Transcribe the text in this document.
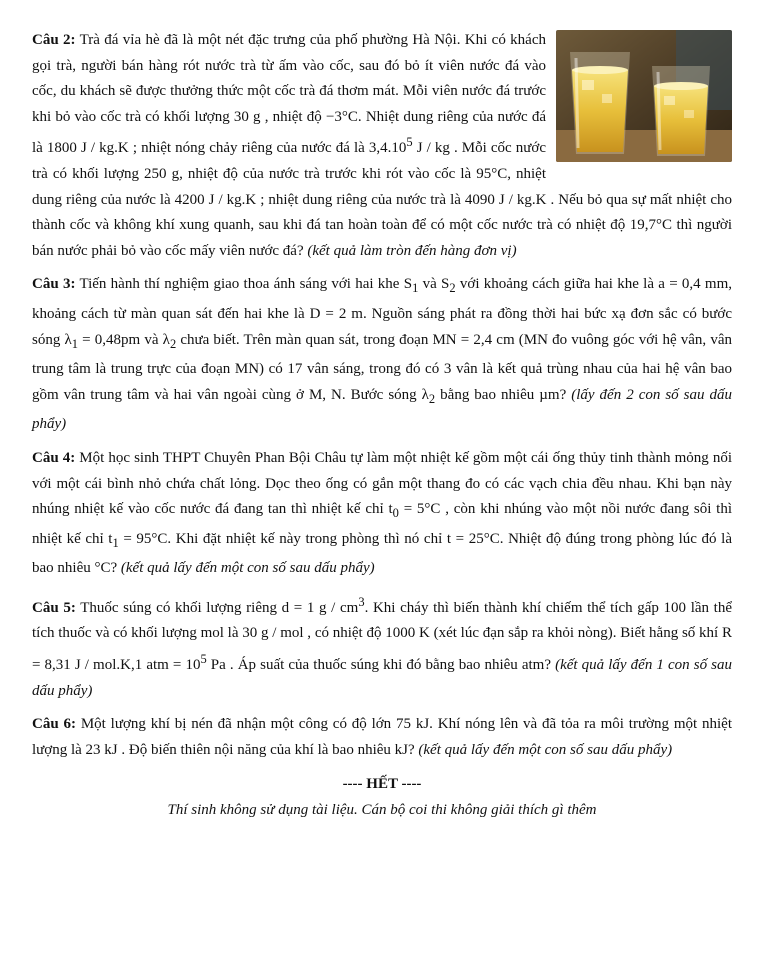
Câu 2: Trà đá vỉa hè đã là một nét đặc trưng của phố phường Hà Nội. Khi có khách gọi trà, người bán hàng rót nước trà từ ấm vào cốc, sau đó bỏ ít viên nước đá vào cốc, du khách sẽ được thưởng thức một cốc trà đá thơm mát. Mỗi viên nước đá trước khi bỏ vào cốc trà có khối lượng 30 g , nhiệt độ −3°C. Nhiệt dung riêng của nước đá là 1800 J / kg.K ; nhiệt nóng chảy riêng của nước đá là 3,4.10$^5$ J / kg . Mỗi cốc nước trà có khối lượng 250 g, nhiệt độ của nước trà trước khi rót vào cốc là 95°C, nhiệt dung riêng của nước là 4200 J / kg.K ; nhiệt dung riêng của nước trà là 4090 J / kg.K . Nếu bỏ qua sự mất nhiệt cho thành cốc và không khí xung quanh, sau khi đá tan hoàn toàn để có một cốc nước trà có nhiệt độ 19,7°C thì người bán nước phải bỏ vào cốc mấy viên nước đá? (kết quả làm tròn đến hàng đơn vị)

Câu 3: Tiến hành thí nghiệm giao thoa ánh sáng với hai khe $S_1$ và $S_2$ với khoảng cách giữa hai khe là a = 0,4 mm, khoảng cách từ màn quan sát đến hai khe là D = 2 m. Nguồn sáng phát ra đồng thời hai bức xạ đơn sắc có bước sóng $\lambda_1 = 0,48pm$ và $\lambda_2$ chưa biết. Trên màn quan sát, trong đoạn MN = 2,4 cm (MN đo vuông góc với hệ vân, vân trung tâm là trung trực của đoạn MN) có 17 vân sáng, trong đó có 3 vân là kết quả trùng nhau của hai hệ vân bao gồm vân trung tâm và hai vân ngoài cùng ở M, N. Bước sóng $\lambda_2$ bằng bao nhiêu µm? (lấy đến 2 con số sau dấu phẩy)

Câu 4: Một học sinh THPT Chuyên Phan Bội Châu tự làm một nhiệt kế gồm một cái ống thủy tinh thành mỏng nối với một cái bình nhỏ chứa chất lỏng. Dọc theo ống có gắn một thang đo có các vạch chia đều nhau. Khi bạn này nhúng nhiệt kế vào cốc nước đá đang tan thì nhiệt kế chỉ $t_0 = 5^\circ C$ , còn khi nhúng vào một nồi nước đang sôi thì nhiệt kế chỉ $t_1 = 95^\circ C$. Khi đặt nhiệt kế này trong phòng thì nó chỉ t = 25°C. Nhiệt độ đúng trong phòng lúc đó là bao nhiêu °C? (kết quả lấy đến một con số sau dấu phẩy)

Câu 5: Thuốc súng có khối lượng riêng d = 1 g / $cm^3$. Khi cháy thì biến thành khí chiếm thể tích gấp 100 lần thể tích thuốc và có khối lượng mol là 30 g / mol , có nhiệt độ 1000 K (xét lúc đạn sắp ra khỏi nòng). Biết hằng số khí R = 8,31 J / mol.K,1 atm = $10^5$ Pa . Áp suất của thuốc súng khi đó bằng bao nhiêu atm? (kết quả lấy đến 1 con số sau dấu phẩy)

Câu 6: Một lượng khí bị nén đã nhận một công có độ lớn 75 kJ. Khí nóng lên và đã tỏa ra môi trường một nhiệt lượng là 23 kJ . Độ biến thiên nội năng của khí là bao nhiêu kJ? (kết quả lấy đến một con số sau dấu phẩy)

---- HẾT ----
Thí sinh không sử dụng tài liệu. Cán bộ coi thi không giải thích gì thêm
